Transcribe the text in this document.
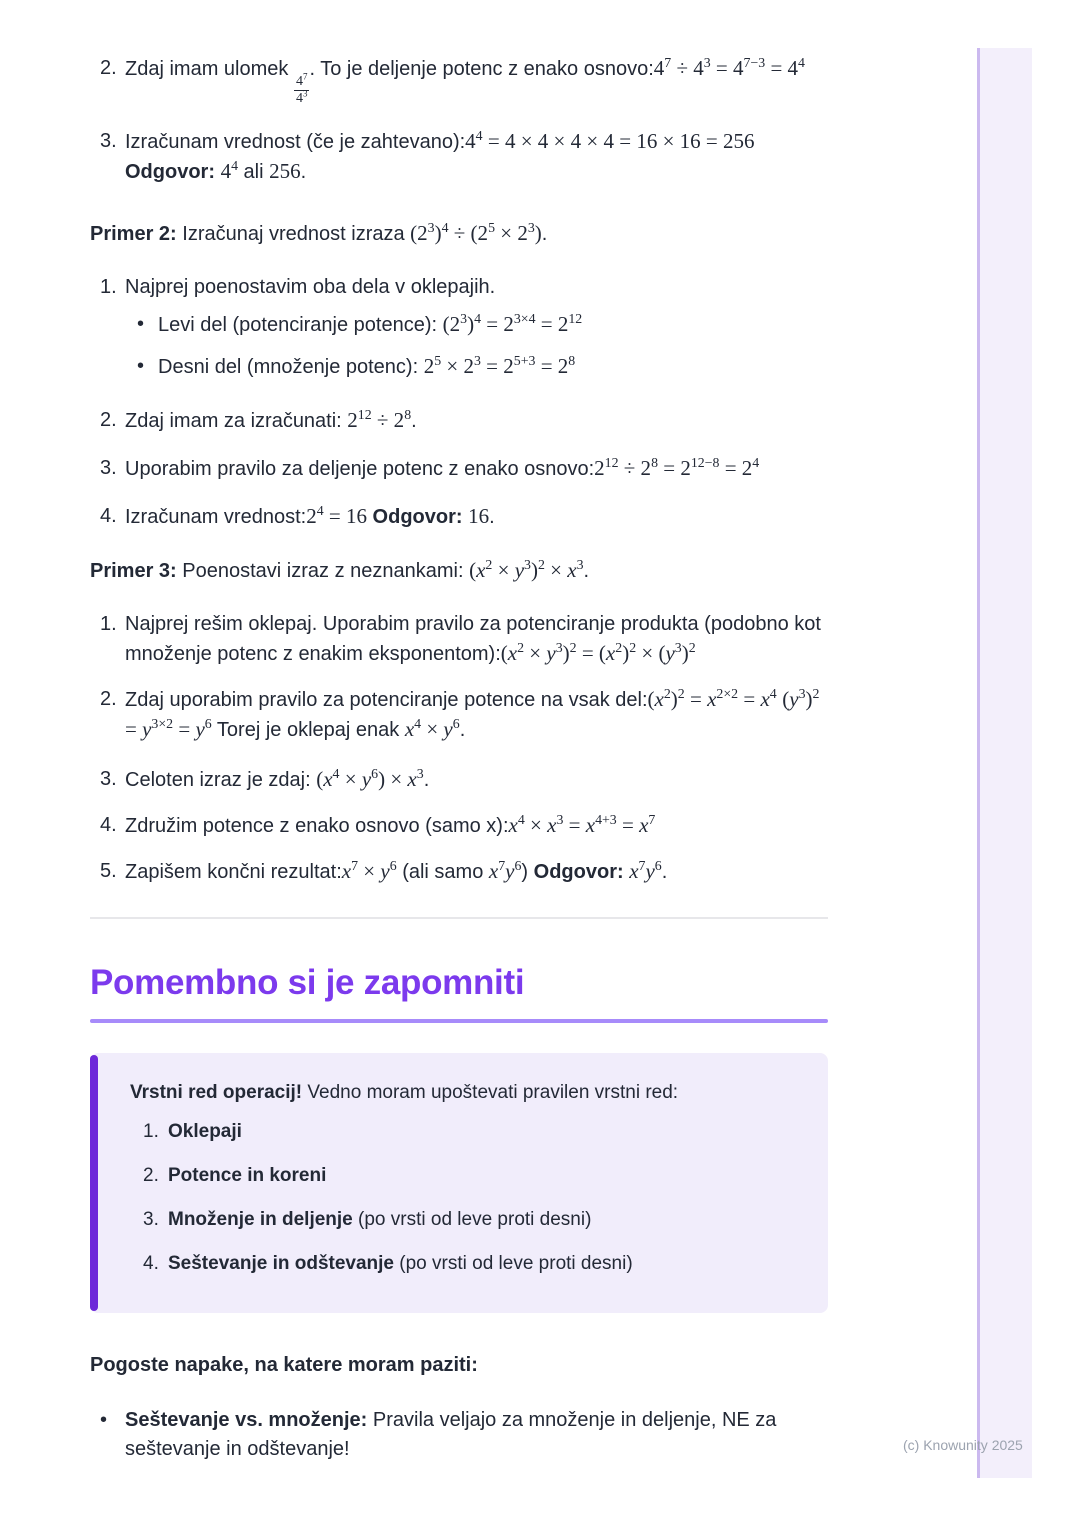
2. Zdaj imam ulomek
$\frac{4^7}{4^3}$
. To je deljenje potenc z enako $osnovo:4^7 \div 4^3 = 4^{7-3} = 4^4$
3. Izračunam vrednost (če je $zahtevano):4^4 = 4 \times 4 \times 4 \times 4 = 16 \times 16 = 256$ Odgovor: $4^4$ ali 256.

Primer 2: Izračunaj vrednost izraza $(2^3)^4 \div (2^5 \times 2^3)$.

1. Najprej poenostavim oba dela v oklepajih.
• Levi del (potenciranje potence): $(2^3)^4 = 2^{3\times 4} = 2^{12}$
• Desni del (množenje potenc): $2^5 \times 2^3 = 2^{5+3} = 2^8$
2. Zdaj imam za izračunati: $2^{12} \div 2^8$.
3. Uporabim pravilo za deljenje potenc z enako $osnovo:2^{12} \div 2^8 = 2^{12-8} = 2^4$
4. Izračunam $vrednost:2^4 = 16$ Odgovor: 16.

Primer 3: Poenostavi izraz z neznankami: $(x^2 \times y^3)^2 \times x^3$.

1. Najprej rešim oklepaj. Uporabim pravilo za potenciranje produkta (podobno kot množenje potenc z enakim $eksponentom):(x^2 \times y^3)^2 = (x^2)^2 \times (y^3)^2$
2. Zdaj uporabim pravilo za potenciranje potence na vsak $del:(x^2)^2 = x^{2\times 2} = x^4$ $(y^3)^2 = y^{3\times 2} = y^6$ Torej je oklepaj enak $x^4 \times y^6$.
3. Celoten izraz je zdaj: $(x^4 \times y^6) \times x^3$.
4. Združim potence z enako osnovo (samo $x):x^4 \times x^3 = x^{4+3} = x^7$
5. Zapišem končni $rezultat:x^7 \times y^6$ (ali samo $x^7y^6$) Odgovor: $x^7y^6$.
Pomembno si je zapomniti

Vrstni red operacij! Vedno moram upoštevati pravilen vrstni red:

1. Oklepaji
2. Potence in koreni
3. Množenje in deljenje (po vrsti od leve proti desni)
4. Seštevanje in odštevanje (po vrsti od leve proti desni)

Pogoste napake, na katere moram paziti:

• Seštevanje vs. množenje: Pravila veljajo za množenje in deljenje, NE za seštevanje in odštevanje!	(c) Knowunity 2025
